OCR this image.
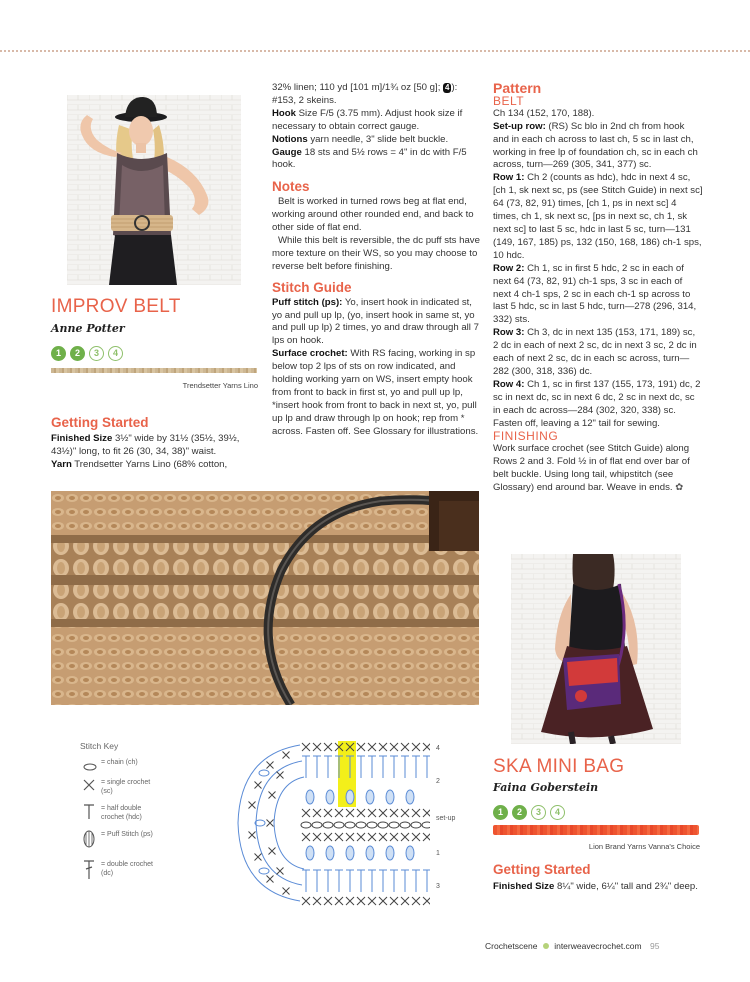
IMPROV BELT
Anne Potter
1 2 3 4
Trendsetter Yarns Lino
Getting Started

Finished Size 3½" wide by 31½ (35½, 39½, 43½)" long, to fit 26 (30, 34, 38)" waist.

Yarn Trendsetter Yarns Lino (68% cotton,

32% linen; 110 yd [101 m]/1¾ oz [50 g]; 4 ): #153, 2 skeins.

Hook Size F/5 (3.75 mm). Adjust hook size if necessary to obtain correct gauge.

Notions yarn needle, 3" slide belt buckle.

Gauge 18 sts and 5½ rows = 4" in dc with F/5 hook.

Notes

Belt is worked in turned rows beg at flat end, working around other rounded end, and back to other side of flat end.

While this belt is reversible, the dc puff sts have more texture on their WS, so you may choose to reverse belt before finishing.

Stitch Guide

Puff stitch (ps): Yo, insert hook in indicated st, yo and pull up lp, (yo, insert hook in same st, yo and pull up lp) 2 times, yo and draw through all 7 lps on hook.

Surface crochet: With RS facing, working in sp below top 2 lps of sts on row indicated, and holding working yarn on WS, insert empty hook from front to back in first st, yo and pull up lp, *insert hook from front to back in next st, yo, pull up lp and draw through lp on hook; rep from * across. Fasten off. See Glossary for illustrations.

Pattern
BELT

Ch 134 (152, 170, 188).

Set-up row: (RS) Sc blo in 2nd ch from hook and in each ch across to last ch, 5 sc in last ch, working in free lp of foundation ch, sc in each ch across, turn—269 (305, 341, 377) sc.

Row 1: Ch 2 (counts as hdc), hdc in next 4 sc, [ch 1, sk next sc, ps (see Stitch Guide) in next sc] 64 (73, 82, 91) times, [ch 1, ps in next sc] 4 times, ch 1, sk next sc, [ps in next sc, ch 1, sk next sc] to last 5 sc, hdc in last 5 sc, turn—131 (149, 167, 185) ps, 132 (150, 168, 186) ch-1 sps, 10 hdc.

Row 2: Ch 1, sc in first 5 hdc, 2 sc in each of next 64 (73, 82, 91) ch-1 sps, 3 sc in each of next 4 ch-1 sps, 2 sc in each ch-1 sp across to last 5 hdc, sc in last 5 hdc, turn—278 (296, 314, 332) sts.

Row 3: Ch 3, dc in next 135 (153, 171, 189) sc, 2 dc in each of next 2 sc, dc in next 3 sc, 2 dc in each of next 2 sc, dc in each sc across, turn—282 (300, 318, 336) dc.

Row 4: Ch 1, sc in first 137 (155, 173, 191) dc, 2 sc in next dc, sc in next 6 dc, 2 sc in next dc, sc in each dc across—284 (302, 320, 338) sc.

Fasten off, leaving a 12" tail for sewing.

FINISHING

Work surface crochet (see Stitch Guide) along Rows 2 and 3. Fold ½ in of flat end over bar of belt buckle. Using long tail, whipstitch (see Glossary) end around bar. Weave in ends. ✿

Stitch Key
= chain (ch)
= single crochet (sc)
= half double crochet (hdc)
= Puff Stitch (ps)
= double crochet (dc)
4
2
set-up
1
3
SKA MINI BAG
Faina Goberstein
1 2 3 4
Lion Brand Yarns Vanna's Choice
Getting Started
Finished Size 8¼" wide, 6¼" tall and 2¾" deep.
Crochetscene interweavecrochet.com 95
